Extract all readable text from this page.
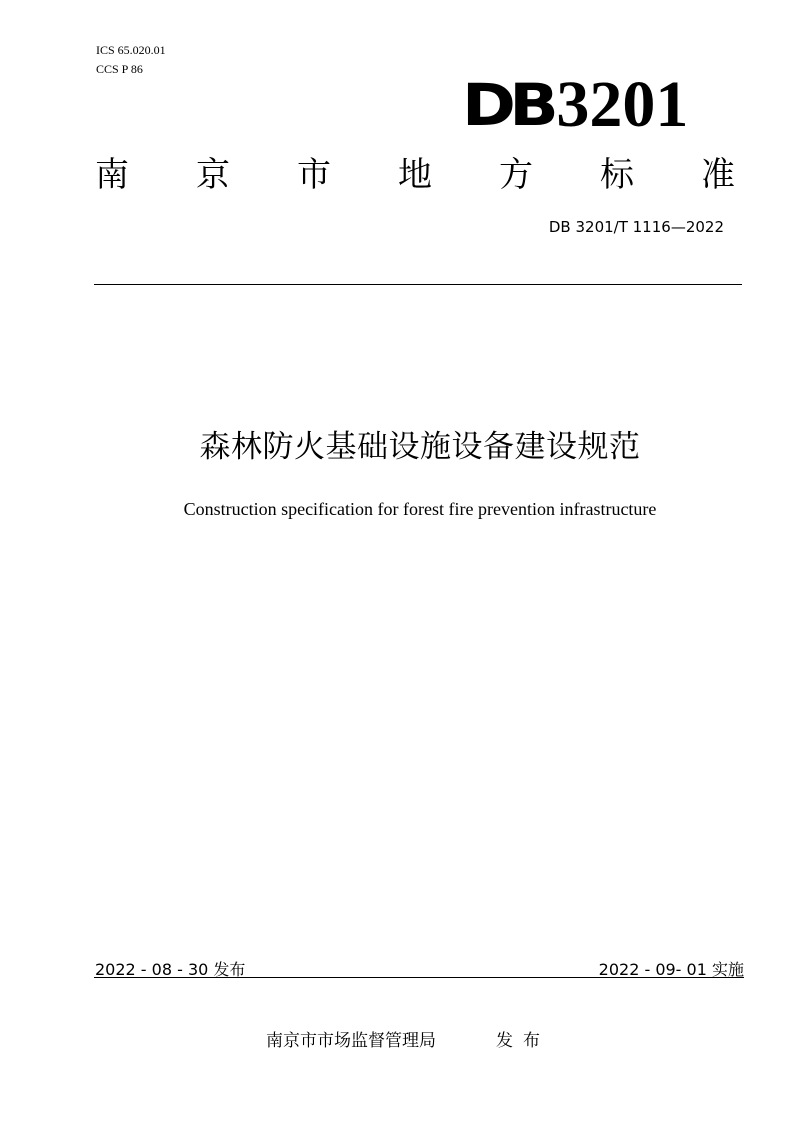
ICS 65.020.01
CCS P 86
DB 3201
南 京 市 地 方 标 准
DB 3201/T 1116—2022
森林防火基础设施设备建设规范
Construction specification for forest fire prevention infrastructure
2022 - 08 - 30 发布	2022 - 09- 01 实施
南京市市场监督管理局	发布
